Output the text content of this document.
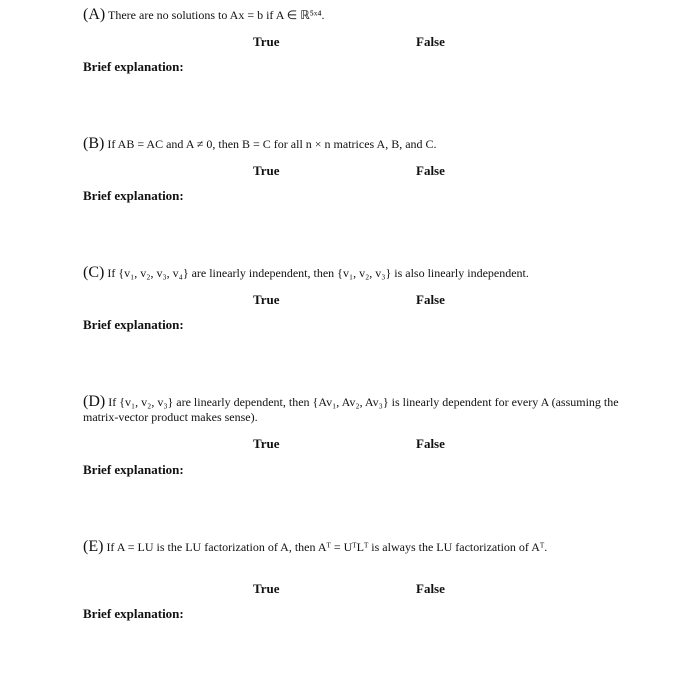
(A) There are no solutions to Ax = b if A ∈ ℝ⁵ˣ⁴.
True	False
Brief explanation:
(B) If AB = AC and A ≠ 0, then B = C for all n × n matrices A, B, and C.
True	False
Brief explanation:
(C) If {v₁, v₂, v₃, v₄} are linearly independent, then {v₁, v₂, v₃} is also linearly independent.
True	False
Brief explanation:
(D) If {v₁, v₂, v₃} are linearly dependent, then {Av₁, Av₂, Av₃} is linearly dependent for every A (assuming the matrix-vector product makes sense).
True	False
Brief explanation:
(E) If A = LU is the LU factorization of A, then Aᵀ = UᵀLᵀ is always the LU factorization of Aᵀ.
True	False
Brief explanation:
